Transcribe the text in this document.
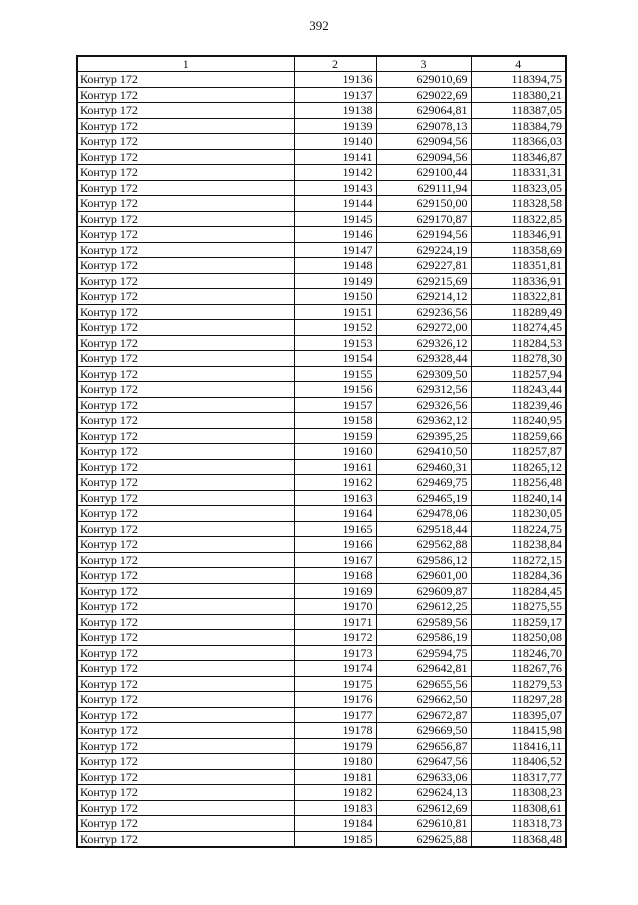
392
1	2	3	4
Контур 172	19136	629010,69	118394,75
Контур 172	19137	629022,69	118380,21
Контур 172	19138	629064,81	118387,05
Контур 172	19139	629078,13	118384,79
Контур 172	19140	629094,56	118366,03
Контур 172	19141	629094,56	118346,87
Контур 172	19142	629100,44	118331,31
Контур 172	19143	629111,94	118323,05
Контур 172	19144	629150,00	118328,58
Контур 172	19145	629170,87	118322,85
Контур 172	19146	629194,56	118346,91
Контур 172	19147	629224,19	118358,69
Контур 172	19148	629227,81	118351,81
Контур 172	19149	629215,69	118336,91
Контур 172	19150	629214,12	118322,81
Контур 172	19151	629236,56	118289,49
Контур 172	19152	629272,00	118274,45
Контур 172	19153	629326,12	118284,53
Контур 172	19154	629328,44	118278,30
Контур 172	19155	629309,50	118257,94
Контур 172	19156	629312,56	118243,44
Контур 172	19157	629326,56	118239,46
Контур 172	19158	629362,12	118240,95
Контур 172	19159	629395,25	118259,66
Контур 172	19160	629410,50	118257,87
Контур 172	19161	629460,31	118265,12
Контур 172	19162	629469,75	118256,48
Контур 172	19163	629465,19	118240,14
Контур 172	19164	629478,06	118230,05
Контур 172	19165	629518,44	118224,75
Контур 172	19166	629562,88	118238,84
Контур 172	19167	629586,12	118272,15
Контур 172	19168	629601,00	118284,36
Контур 172	19169	629609,87	118284,45
Контур 172	19170	629612,25	118275,55
Контур 172	19171	629589,56	118259,17
Контур 172	19172	629586,19	118250,08
Контур 172	19173	629594,75	118246,70
Контур 172	19174	629642,81	118267,76
Контур 172	19175	629655,56	118279,53
Контур 172	19176	629662,50	118297,28
Контур 172	19177	629672,87	118395,07
Контур 172	19178	629669,50	118415,98
Контур 172	19179	629656,87	118416,11
Контур 172	19180	629647,56	118406,52
Контур 172	19181	629633,06	118317,77
Контур 172	19182	629624,13	118308,23
Контур 172	19183	629612,69	118308,61
Контур 172	19184	629610,81	118318,73
Контур 172	19185	629625,88	118368,48
